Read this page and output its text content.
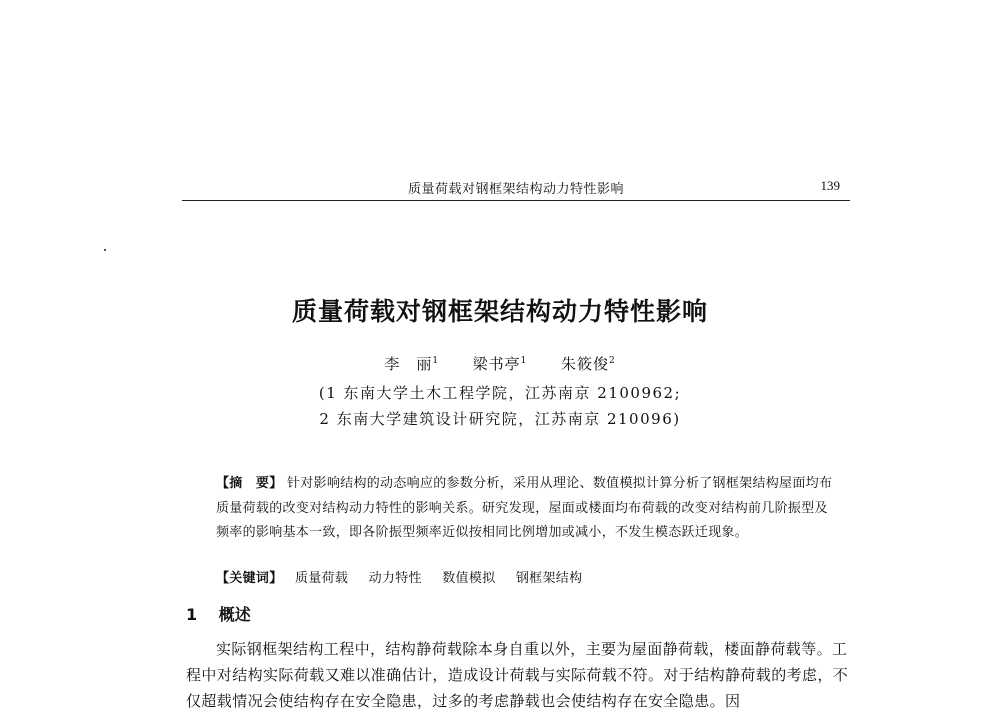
质量荷载对钢框架结构动力特性影响	139
质量荷载对钢框架结构动力特性影响
李　丽$^1$ 梁书亭$^1$ 朱筱俊$^2$
(1 东南大学土木工程学院，江苏南京 2100962;
2 东南大学建筑设计研究院，江苏南京 210096)
【摘　要】 针对影响结构的动态响应的参数分析，采用从理论、数值模拟计算分析了钢框架结构屋面均布质量荷载的改变对结构动力特性的影响关系。研究发现，屋面或楼面均布荷载的改变对结构前几阶振型及频率的影响基本一致，即各阶振型频率近似按相同比例增加或减小，不发生模态跃迁现象。
【关键词】 质量荷载 动力特性 数值模拟 钢框架结构
1 概述

实际钢框架结构工程中，结构静荷载除本身自重以外，主要为屋面静荷载，楼面静荷载等。工程中对结构实际荷载又难以准确估计，造成设计荷载与实际荷载不符。对于结构静荷载的考虑，不仅超载情况会使结构存在安全隐患，过多的考虑静载也会使结构存在安全隐患。因
